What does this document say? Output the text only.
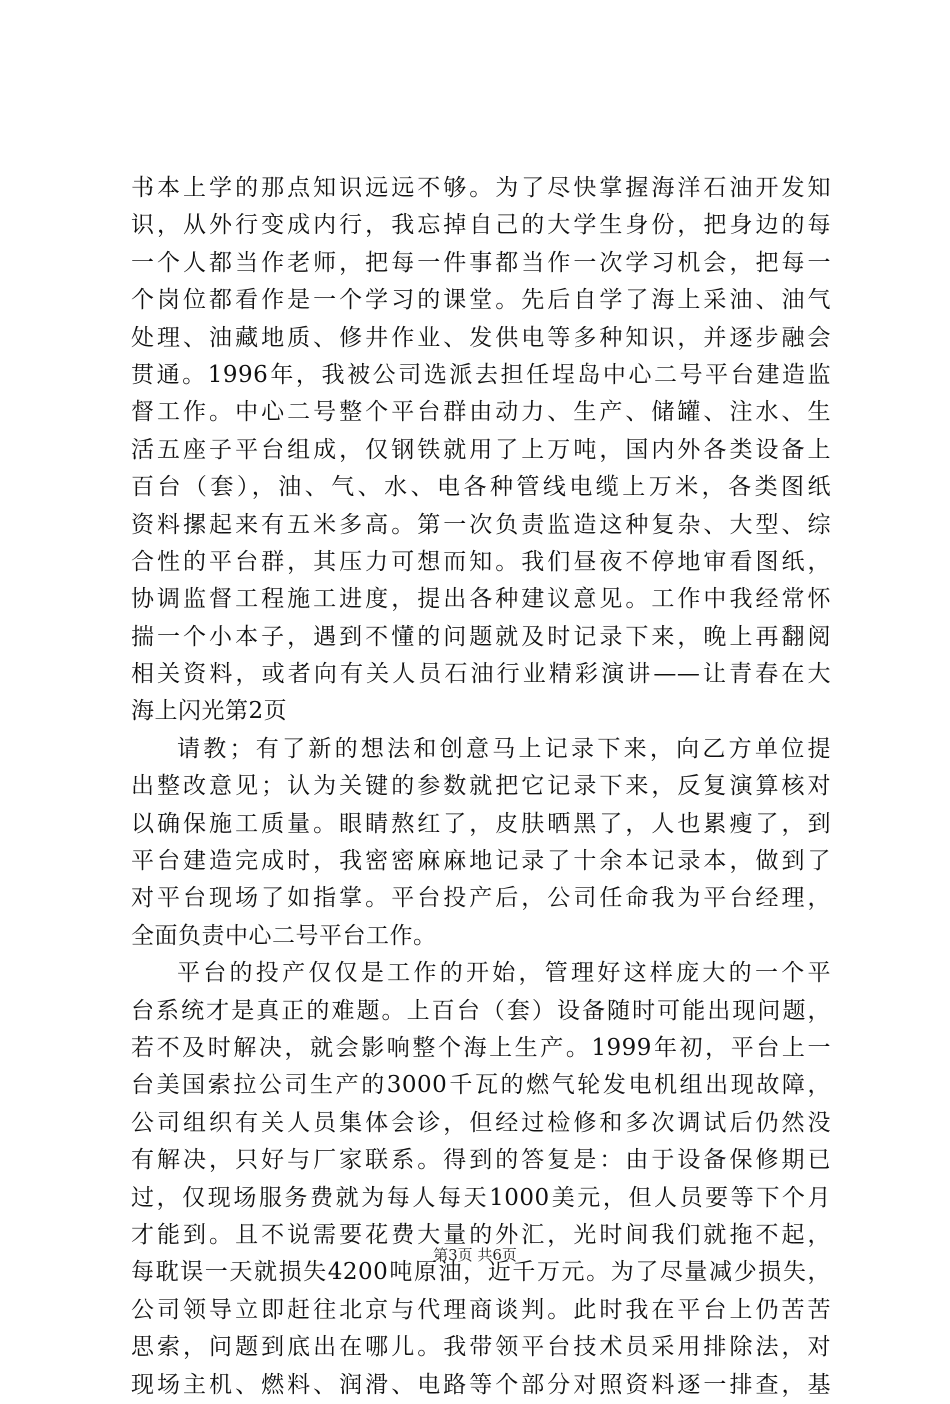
书本上学的那点知识远远不够。为了尽快掌握海洋石油开发知
识，从外行变成内行，我忘掉自己的大学生身份，把身边的每
一个人都当作老师，把每一件事都当作一次学习机会，把每一
个岗位都看作是一个学习的课堂。先后自学了海上采油、油气
处理、油藏地质、修井作业、发供电等多种知识，并逐步融会
贯通。1996年，我被公司选派去担任埕岛中心二号平台建造监
督工作。中心二号整个平台群由动力、生产、储罐、注水、生
活五座子平台组成，仅钢铁就用了上万吨，国内外各类设备上
百台（套），油、气、水、电各种管线电缆上万米，各类图纸
资料摞起来有五米多高。第一次负责监造这种复杂、大型、综
合性的平台群，其压力可想而知。我们昼夜不停地审看图纸，
协调监督工程施工进度，提出各种建议意见。工作中我经常怀
揣一个小本子，遇到不懂的问题就及时记录下来，晚上再翻阅
相关资料，或者向有关人员石油行业精彩演讲——让青春在大
海上闪光第2页
请教；有了新的想法和创意马上记录下来，向乙方单位提
出整改意见；认为关键的参数就把它记录下来，反复演算核对
以确保施工质量。眼睛熬红了，皮肤晒黑了，人也累瘦了，到
平台建造完成时，我密密麻麻地记录了十余本记录本，做到了
对平台现场了如指掌。平台投产后，公司任命我为平台经理，
全面负责中心二号平台工作。
平台的投产仅仅是工作的开始，管理好这样庞大的一个平
台系统才是真正的难题。上百台（套）设备随时可能出现问题，
若不及时解决，就会影响整个海上生产。1999年初，平台上一
台美国索拉公司生产的3000千瓦的燃气轮发电机组出现故障，
公司组织有关人员集体会诊，但经过检修和多次调试后仍然没
有解决，只好与厂家联系。得到的答复是：由于设备保修期已
过，仅现场服务费就为每人每天1000美元，但人员要等下个月
才能到。且不说需要花费大量的外汇，光时间我们就拖不起，
每耽误一天就损失4200吨原油，近千万元。为了尽量减少损失，
公司领导立即赶往北京与代理商谈判。此时我在平台上仍苦苦
思索，问题到底出在哪儿。我带领平台技术员采用排除法，对
现场主机、燃料、润滑、电路等个部分对照资料逐一排查，基
第3页 共6页
